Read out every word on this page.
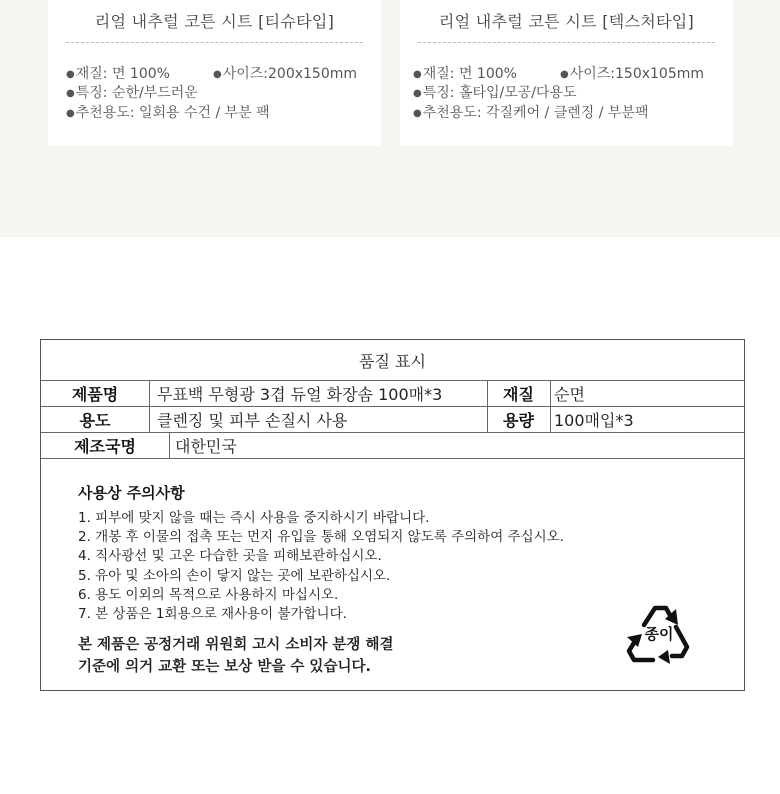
리얼 내추럴 코튼 시트 [티슈타입]
●재질: 면 100%	●사이즈:200x150mm
●특징: 순한/부드러운
●추천용도: 일회용 수건 / 부분 팩
리얼 내추럴 코튼 시트 [텍스처타입]
●재질: 면 100%	●사이즈:150x105mm
●특징: 홀타입/모공/다용도
●추천용도: 각질케어 / 클렌징 / 부분팩
품질 표시
제품명	무표백 무형광 3겹 듀얼 화장솜 100매*3	재질	순면
용도	클렌징 및 피부 손질시 사용	용량	100매입*3
제조국명	대한민국
사용상 주의사항
1. 피부에 맞지 않을 때는 즉시 사용을 중지하시기 바랍니다.
2. 개봉 후 이물의 접촉 또는 먼지 유입을 통해 오염되지 않도록 주의하여 주십시오.
4. 직사광선 및 고온 다습한 곳을 피해보관하십시오.
5. 유아 및 소아의 손이 닿지 않는 곳에 보관하십시오.
6. 용도 이외의 목적으로 사용하지 마십시오.
7. 본 상품은 1회용으로 재사용이 불가합니다.
본 제품은 공정거래 위원회 고시 소비자 분쟁 해결
기준에 의거 교환 또는 보상 받을 수 있습니다.
종이
